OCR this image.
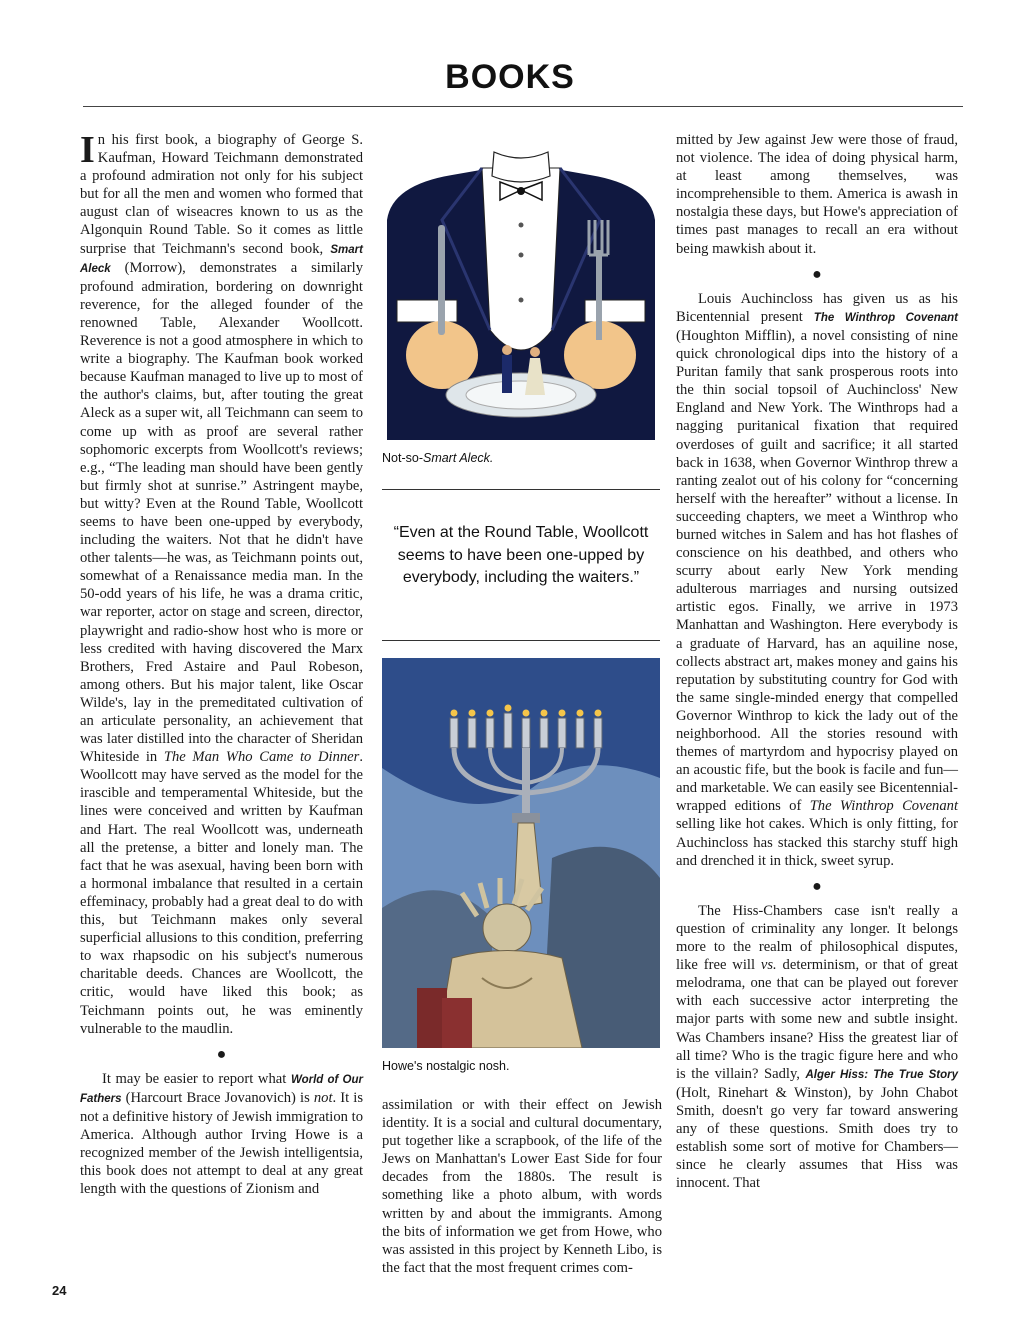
BOOKS

In his first book, a biography of George S. Kaufman, Howard Teichmann demonstrated a profound admiration not only for his subject but for all the men and women who formed that august clan of wiseacres known to us as the Algonquin Round Table. So it comes as little surprise that Teichmann's second book, Smart Aleck (Morrow), demonstrates a similarly profound admiration, bordering on downright reverence, for the alleged founder of the renowned Table, Alexander Woollcott. Reverence is not a good atmosphere in which to write a biography. The Kaufman book worked because Kaufman managed to live up to most of the author's claims, but, after touting the great Aleck as a super wit, all Teichmann can seem to come up with as proof are several rather sophomoric excerpts from Woollcott's reviews; e.g., “The leading man should have been gently but firmly shot at sunrise.” Astringent maybe, but witty? Even at the Round Table, Woollcott seems to have been one-upped by everybody, including the waiters. Not that he didn't have other talents—he was, as Teichmann points out, somewhat of a Renaissance media man. In the 50-odd years of his life, he was a drama critic, war reporter, actor on stage and screen, director, playwright and radio-show host who is more or less credited with having discovered the Marx Brothers, Fred Astaire and Paul Robeson, among others. But his major talent, like Oscar Wilde's, lay in the premeditated cultivation of an articulate personality, an achievement that was later distilled into the character of Sheridan Whiteside in The Man Who Came to Dinner. Woollcott may have served as the model for the irascible and temperamental Whiteside, but the lines were conceived and written by Kaufman and Hart. The real Woollcott was, underneath all the pretense, a bitter and lonely man. The fact that he was asexual, having been born with a hormonal imbalance that resulted in a certain effeminacy, probably had a great deal to do with this, but Teichmann makes only several superficial allusions to this condition, preferring to wax rhapsodic on his subject's numerous charitable deeds. Chances are Woollcott, the critic, would have liked this book; as Teichmann points out, he was eminently vulnerable to the maudlin.

●

It may be easier to report what World of Our Fathers (Harcourt Brace Jovanovich) is not. It is not a definitive history of Jewish immigration to America. Although author Irving Howe is a recognized member of the Jewish intelligentsia, this book does not attempt to deal at any great length with the questions of Zionism and

Not-so-Smart Aleck.
“Even at the Round Table, Woollcott seems to have been one-upped by everybody, including the waiters.”
Howe's nostalgic nosh.

assimilation or with their effect on Jewish identity. It is a social and cultural documentary, put together like a scrapbook, of the life of the Jews on Manhattan's Lower East Side for four decades from the 1880s. The result is something like a photo album, with words written by and about the immigrants. Among the bits of information we get from Howe, who was assisted in this project by Kenneth Libo, is the fact that the most frequent crimes com-

mitted by Jew against Jew were those of fraud, not violence. The idea of doing physical harm, at least among themselves, was incomprehensible to them. America is awash in nostalgia these days, but Howe's appreciation of times past manages to recall an era without being mawkish about it.

●

Louis Auchincloss has given us as his Bicentennial present The Winthrop Covenant (Houghton Mifflin), a novel consisting of nine quick chronological dips into the history of a Puritan family that sank prosperous roots into the thin social topsoil of Auchincloss' New England and New York. The Winthrops had a nagging puritanical fixation that required overdoses of guilt and sacrifice; it all started back in 1638, when Governor Winthrop threw a ranting zealot out of his colony for “concerning herself with the hereafter” without a license. In succeeding chapters, we meet a Winthrop who burned witches in Salem and has hot flashes of conscience on his deathbed, and others who scurry about early New York mending adulterous marriages and nursing outsized artistic egos. Finally, we arrive in 1973 Manhattan and Washington. Here everybody is a graduate of Harvard, has an aquiline nose, collects abstract art, makes money and gains his reputation by substituting country for God with the same single-minded energy that compelled Governor Winthrop to kick the lady out of the neighborhood. All the stories resound with themes of martyrdom and hypocrisy played on an acoustic fife, but the book is facile and fun—and marketable. We can easily see Bicentennial-wrapped editions of The Winthrop Covenant selling like hot cakes. Which is only fitting, for Auchincloss has stacked this starchy stuff high and drenched it in thick, sweet syrup.

●

The Hiss-Chambers case isn't really a question of criminality any longer. It belongs more to the realm of philosophical disputes, like free will vs. determinism, or that of great melodrama, one that can be played out forever with each successive actor interpreting the major parts with some new and subtle insight. Was Chambers insane? Hiss the greatest liar of all time? Who is the tragic figure here and who is the villain? Sadly, Alger Hiss: The True Story (Holt, Rinehart & Winston), by John Chabot Smith, doesn't go very far toward answering any of these questions. Smith does try to establish some sort of motive for Chambers—since he clearly assumes that Hiss was innocent. That

24
